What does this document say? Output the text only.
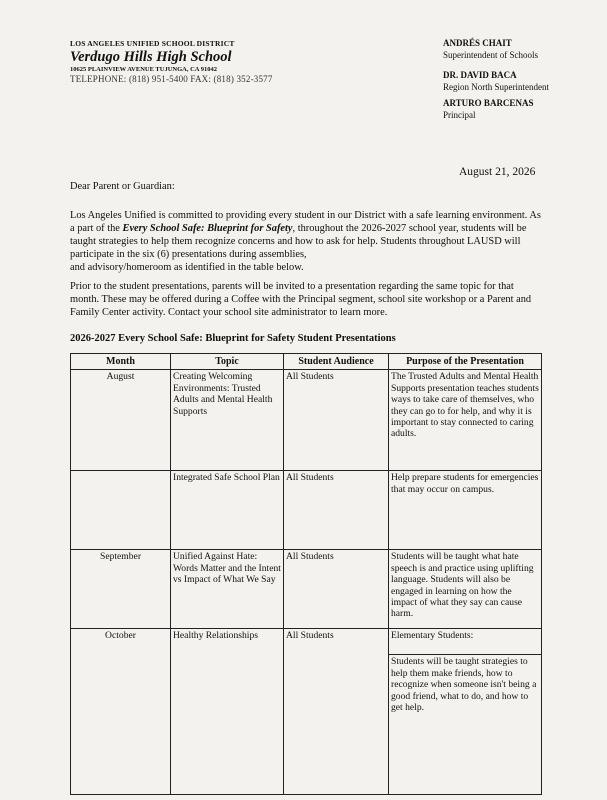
LOS ANGELES UNIFIED SCHOOL DISTRICT
Verdugo Hills High School
10625 PLAINVIEW AVENUE TUJUNGA, CA 91042
TELEPHONE: (818) 951-5400 FAX: (818) 352-3577
ANDRÉS CHAIT
Superintendent of Schools
DR. DAVID BACA
Region North Superintendent
ARTURO BARCENAS
Principal
August 21, 2026
Dear Parent or Guardian:
Los Angeles Unified is committed to providing every student in our District with a safe learning environment. As a part of the Every School Safe: Blueprint for Safety, throughout the 2026-2027 school year, students will be taught strategies to help them recognize concerns and how to ask for help. Students throughout LAUSD will participate in the six (6) presentations during assemblies,
and advisory/homeroom as identified in the table below.
Prior to the student presentations, parents will be invited to a presentation regarding the same topic for that month. These may be offered during a Coffee with the Principal segment, school site workshop or a Parent and Family Center activity. Contact your school site administrator to learn more.
2026-2027 Every School Safe: Blueprint for Safety Student Presentations
Month	Topic	Student Audience	Purpose of the Presentation
August	Creating Welcoming Environments: Trusted Adults and Mental Health Supports	All Students	The Trusted Adults and Mental Health Supports presentation teaches students ways to take care of themselves, who they can go to for help, and why it is important to stay connected to caring adults.
	Integrated Safe School Plan	All Students	Help prepare students for emergencies that may occur on campus.
September	Unified Against Hate: Words Matter and the Intent vs Impact of What We Say	All Students	Students will be taught what hate speech is and practice using uplifting language. Students will also be engaged in learning on how the impact of what they say can cause harm.
October	Healthy Relationships	All Students	Elementary Students:
			Students will be taught strategies to help them make friends, how to recognize when someone isn't being a good friend, what to do, and how to get help.
